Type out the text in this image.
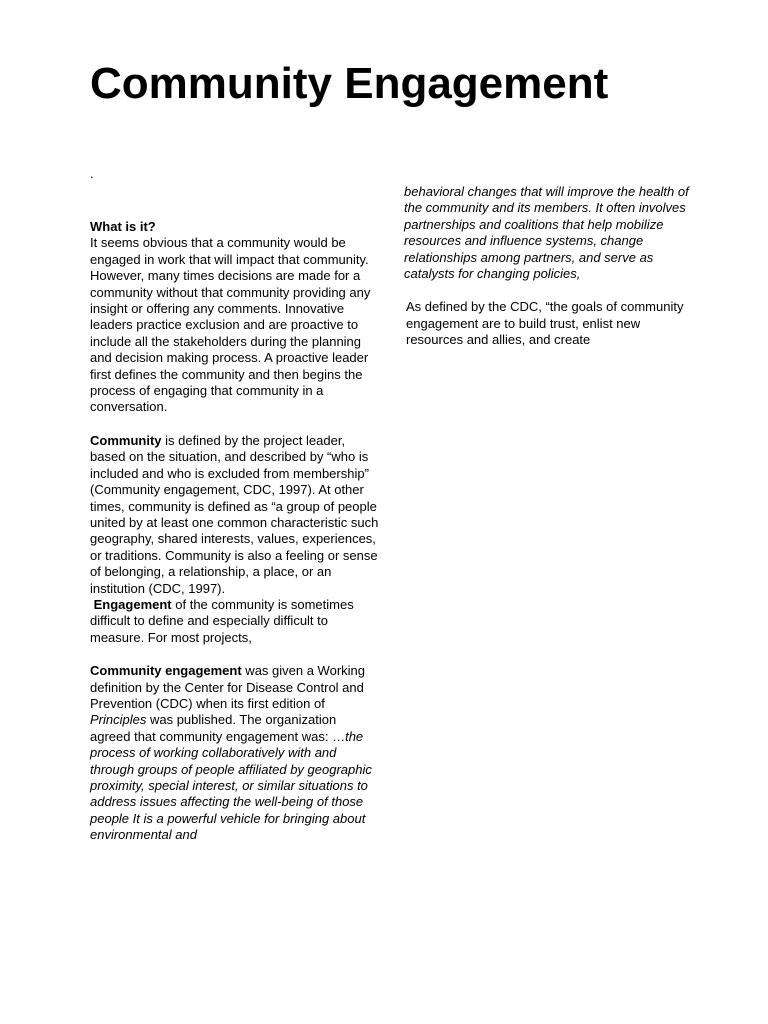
Community Engagement
.
What is it?

It seems obvious that a community would be engaged in work that will impact that community. However, many times decisions are made for a community without that community providing any insight or offering any comments. Innovative leaders practice exclusion and are proactive to include all the stakeholders during the planning and decision making process. A proactive leader first defines the community and then begins the process of engaging that community in a conversation.

Community is defined by the project leader, based on the situation, and described by “who is included and who is excluded from membership” (Community engagement, CDC, 1997). At other times, community is defined as “a group of people united by at least one common characteristic such geography, shared interests, values, experiences, or traditions. Community is also a feeling or sense of belonging, a relationship, a place, or an institution (CDC, 1997).

Engagement of the community is sometimes difficult to define and especially difficult to measure. For most projects,

Community engagement was given a Working definition by the Center for Disease Control and Prevention (CDC) when its first edition of Principles was published. The organization agreed that community engagement was: …the process of working collaboratively with and through groups of people affiliated by geographic proximity, special interest, or similar situations to address issues affecting the well-being of those people It is a powerful vehicle for bringing about environmental and

behavioral changes that will improve the health of the community and its members. It often involves partnerships and coalitions that help mobilize resources and influence systems, change relationships among partners, and serve as catalysts for changing policies,

As defined by the CDC, “the goals of community engagement are to build trust, enlist new resources and allies, and create
